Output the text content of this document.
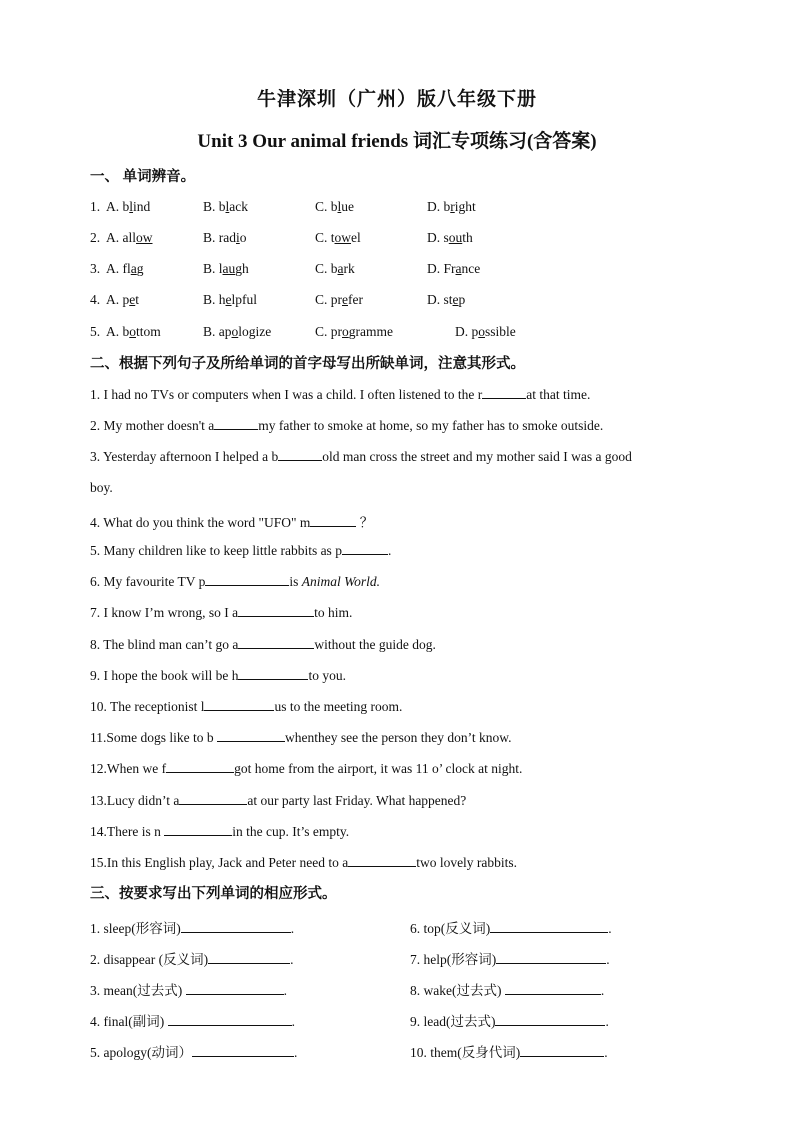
牛津深圳（广州）版八年级下册
Unit 3 Our animal friends 词汇专项练习(含答案)
一、 单词辨音。
1. A. blind	B. black	C. blue	D. bright
2. A. allow	B. radio	C. towel	D. south
3. A. flag	B. laugh	C. bark	D. France
4. A. pet	B. helpful	C. prefer	D. step
5. A. bottom	B. apologize	C. programme	D. possible
二、根据下列句子及所给单词的首字母写出所缺单词，注意其形式。
1. I had no TVs or computers when I was a child. I often listened to the r	at that time.
2. My mother doesn't a	my father to smoke at home, so my father has to smoke outside.
3. Yesterday afternoon I helped a b	old man cross the street and my mother said I was a good
boy.
4. What do you think the word "UFO" m	？
5. Many children like to keep little rabbits as p	.
6. My favourite TV p	is Animal World.
7. I know I’m wrong, so I a	to him.
8. The blind man can’t go a	without the guide dog.
9. I hope the book will be h	to you.
10. The receptionist l	us to the meeting room.
11.Some dogs like to b	whenthey see the person they don’t know.
12.When we f	got home from the airport, it was 11 o’ clock at night.
13.Lucy didn’t a	at our party last Friday. What happened?
14.There is n	in the cup. It’s empty.
15.In this English play, Jack and Peter need to a	two lovely rabbits.
三、按要求写出下列单词的相应形式。
1. sleep(形容词)	.
2. disappear (反义词)	.
3. mean(过去式)	.
4. final(副词)	.
5. apology(动词）	.
6. top(反义词)	.
7. help(形容词)	.
8. wake(过去式)	.
9. lead(过去式)	.
10. them(反身代词)	.
